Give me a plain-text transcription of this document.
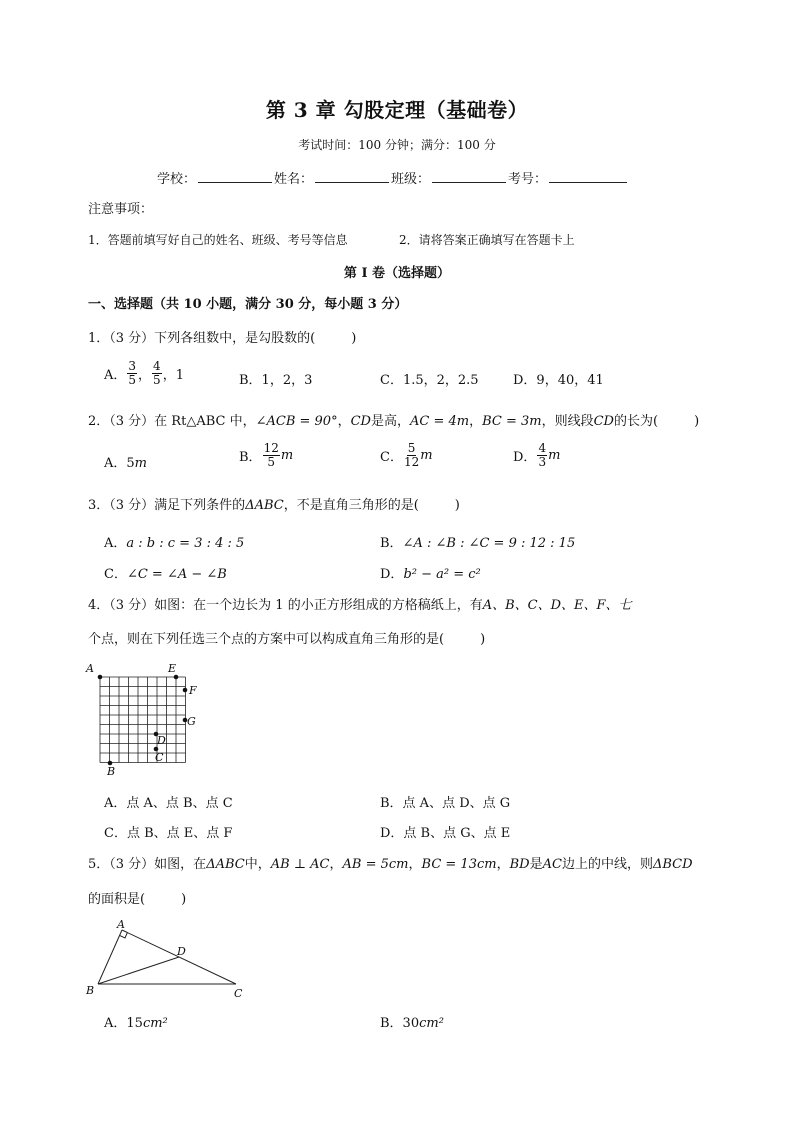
第 3 章 勾股定理（基础卷）
考试时间：100 分钟；满分：100 分
学校：	姓名：	班级：	考号：
注意事项：
1．答题前填写好自己的姓名、班级、考号等信息	2．请将答案正确填写在答题卡上
第 I 卷（选择题）
一、选择题（共 10 小题，满分 30 分，每小题 3 分）
1．（3 分）下列各组数中，是勾股数的(	)
A． $\frac{3}{5}$ ， $\frac{4}{5}$ ，1	B．1，2，3	C．1.5，2，2.5	D．9，40，41
2．（3 分）在 Rt△ABC 中，∠ACB = 90°，CD是高，AC = 4m，BC = 3m，则线段CD的长为(	)
A．5m	B． $\frac{12}{5}$ m	C． $\frac{5}{12}$ m	D． $\frac{4}{3}$ m
3．（3 分）满足下列条件的ΔABC，不是直角三角形的是(	)
A．a : b : c = 3 : 4 : 5	B．∠A : ∠B : ∠C = 9 : 12 : 15
C．∠C = ∠A − ∠B	D．b² − a² = c²
4．（3 分）如图：在一个边长为 1 的小正方形组成的方格稿纸上，有A、B、C、D、E、F、七
个点，则在下列任选三个点的方案中可以构成直角三角形的是(	)
A	E
F
G
D
C
B
A．点 A、点 B、点 C	B．点 A、点 D、点 G
C．点 B、点 E、点 F	D．点 B、点 G、点 E
5．（3 分）如图，在ΔABC中，AB ⊥ AC，AB = 5cm，BC = 13cm，BD是AC边上的中线，则ΔBCD
的面积是(	)
A
B	C
D
A．15cm²	B．30cm²
